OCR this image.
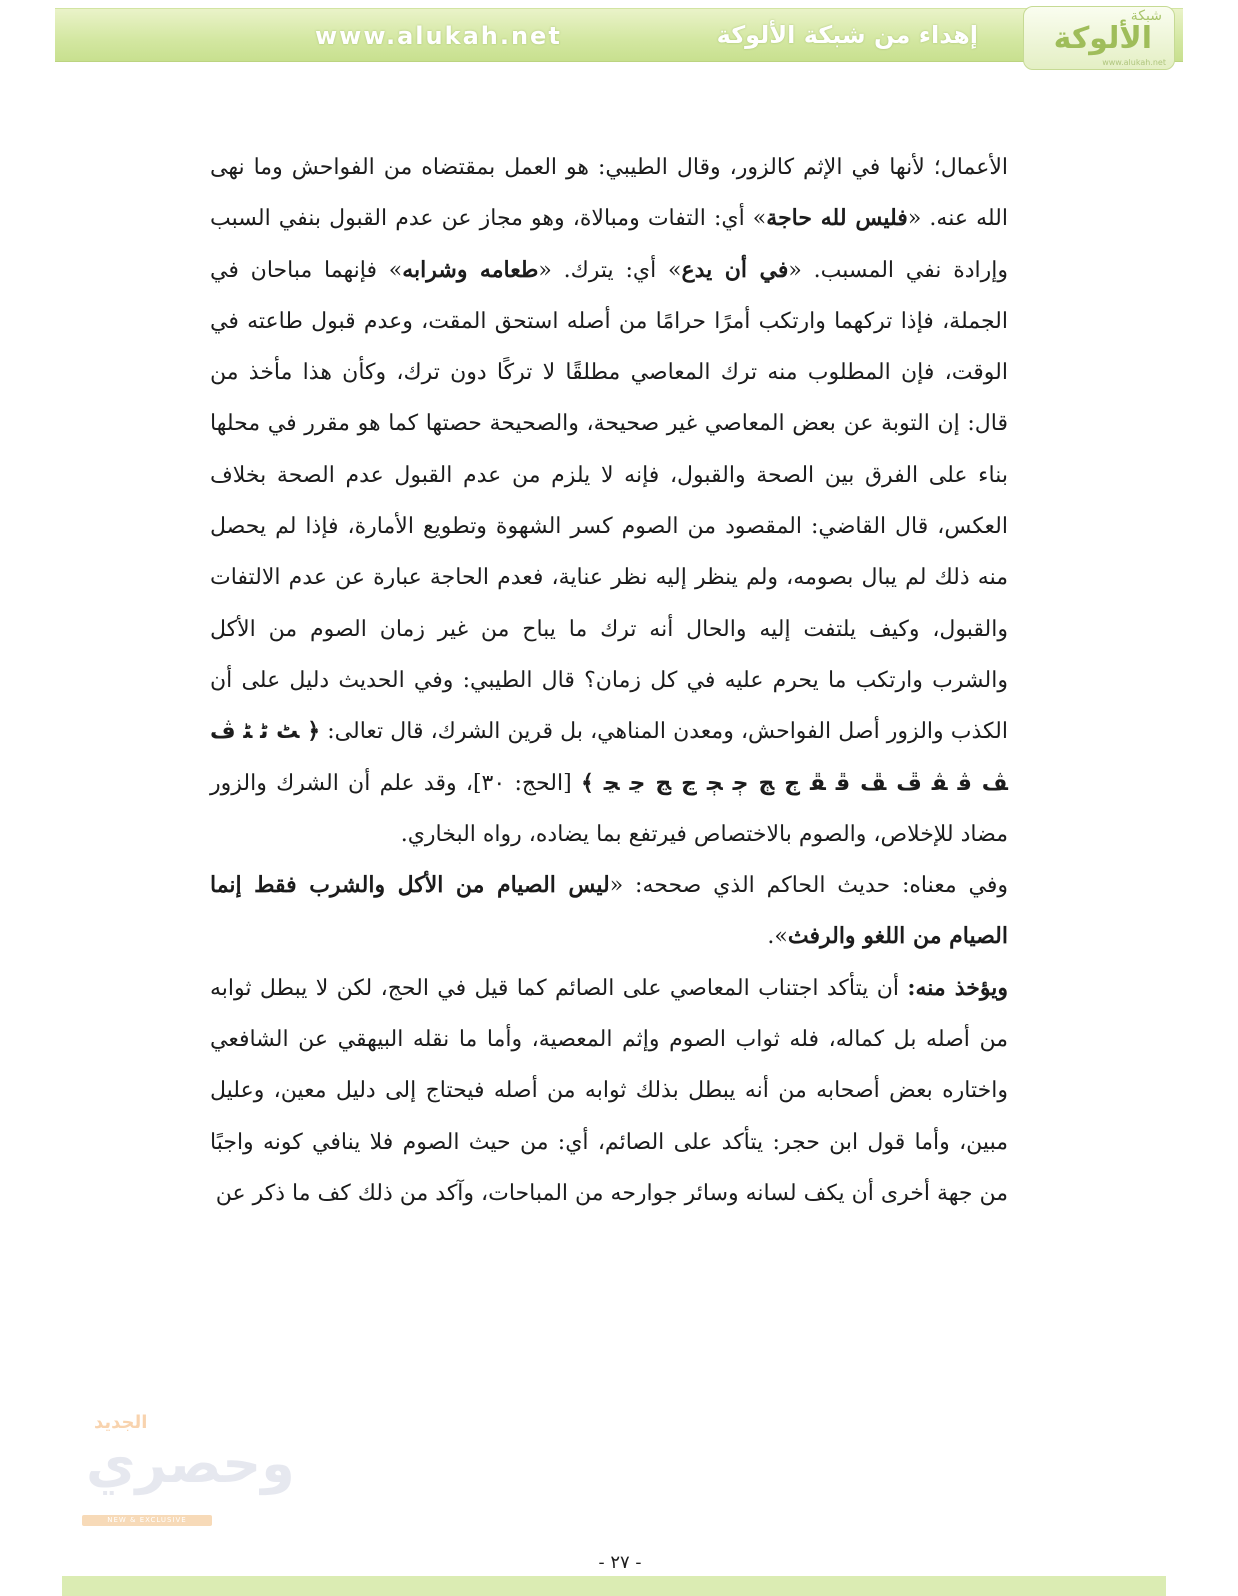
www.alukah.net	إهداء من شبكة الألوكة
شبكة
الألوكة
www.alukah.net

الأعمال؛ لأنها في الإثم كالزور، وقال الطيبي: هو العمل بمقتضاه من الفواحش وما نهى الله عنه. «فليس لله حاجة» أي: التفات ومبالاة، وهو مجاز عن عدم القبول بنفي السبب وإرادة نفي المسبب. «في أن يدع» أي: يترك. «طعامه وشرابه» فإنهما مباحان في الجملة، فإذا تركهما وارتكب أمرًا حرامًا من أصله استحق المقت، وعدم قبول طاعته في الوقت، فإن المطلوب منه ترك المعاصي مطلقًا لا تركًا دون ترك، وكأن هذا مأخذ من قال: إن التوبة عن بعض المعاصي غير صحيحة، والصحيحة حصتها كما هو مقرر في محلها بناء على الفرق بين الصحة والقبول، فإنه لا يلزم من عدم القبول عدم الصحة بخلاف العكس، قال القاضي: المقصود من الصوم كسر الشهوة وتطويع الأمارة، فإذا لم يحصل منه ذلك لم يبال بصومه، ولم ينظر إليه نظر عناية، فعدم الحاجة عبارة عن عدم الالتفات والقبول، وكيف يلتفت إليه والحال أنه ترك ما يباح من غير زمان الصوم من الأكل والشرب وارتكب ما يحرم عليه في كل زمان؟ قال الطيبي: وفي الحديث دليل على أن الكذب والزور أصل الفواحش، ومعدن المناهي، بل قرين الشرك، قال تعالى: ﴿ ﭧ ﭨ ﭩ ﭪ ﭫ ﭬ ﭭ ﭮ ﭯ ﭰ ﭱ ﭲ ﭳ ﭴ ﭵ ﭶ ﭷ ﭸ ﭹ ﴾ [الحج: ٣٠]، وقد علم أن الشرك والزور مضاد للإخلاص، والصوم بالاختصاص فيرتفع بما يضاده، رواه البخاري.

وفي معناه: حديث الحاكم الذي صححه: «ليس الصيام من الأكل والشرب فقط إنما الصيام من اللغو والرفث».

ويؤخذ منه: أن يتأكد اجتناب المعاصي على الصائم كما قيل في الحج، لكن لا يبطل ثوابه من أصله بل كماله، فله ثواب الصوم وإثم المعصية، وأما ما نقله البيهقي عن الشافعي واختاره بعض أصحابه من أنه يبطل بذلك ثوابه من أصله فيحتاج إلى دليل معين، وعليل مبين، وأما قول ابن حجر: يتأكد على الصائم، أي: من حيث الصوم فلا ينافي كونه واجبًا من جهة أخرى أن يكف لسانه وسائر جوارحه من المباحات، وآكد من ذلك كف ما ذكر عن

الجديد
وحصري
NEW & EXCLUSIVE
- ٢٧ -
